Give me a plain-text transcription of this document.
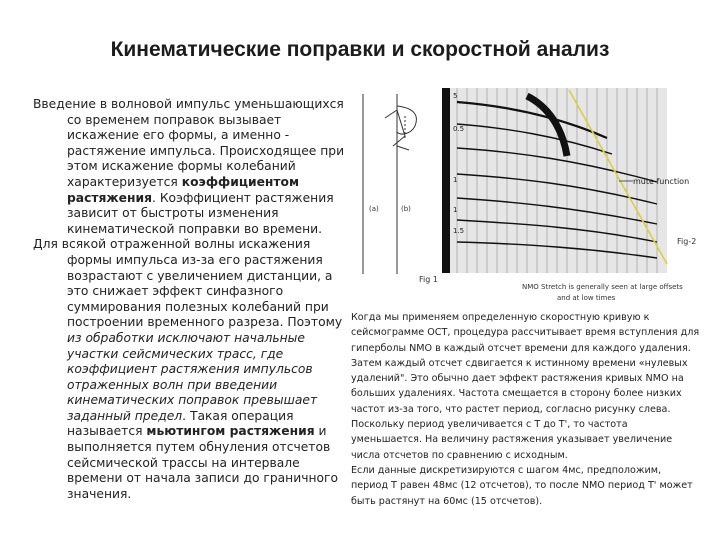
Кинематические поправки и скоростной анализ

Введение в волновой импульс уменьшающихся со временем поправок вызывает искажение его формы, а именно - растяжение импульса. Происходящее при этом искажение формы колебаний характеризуется коэффициентом растяжения. Коэффициент растяжения зависит от быстроты изменения кинематической поправки во времени.

Для всякой отраженной волны искажения формы импульса из-за его растяжения возрастают с увеличением дистанции, а это снижает эффект синфазного суммирования полезных колебаний при построении временного разреза. Поэтому из обработки исключают начальные участки сейсмических трасс, где коэффициент растяжения импульсов отраженных волн при введении кинематических поправок превышает заданный предел. Такая операция называется мьютингом растяжения и выполняется путем обнуления отсчетов сейсмической трассы на интервале времени от начала записи до граничного значения.

(a)	(b)
Fig 1
5
0.5
1
1
1.5
mute function
Fig-2
NMO Stretch is generally seen at large offsets
and at low times

Когда мы применяем определенную скоростную кривую к сейсмограмме ОСТ, процедура рассчитывает время вступления для гиперболы NMO в каждый отсчет времени для каждого удаления. Затем каждый отсчет сдвигается к истинному времени «нулевых удалений". Это обычно дает эффект растяжения кривых NMO на больших удалениях. Частота смещается в сторону более низких частот из-за того, что растет период, согласно рисунку слева. Поскольку период увеличивается с T до T', то частота уменьшается. На величину растяжения указывает увеличение числа отсчетов по сравнению с исходным.

Если данные дискретизируются с шагом 4мс, предположим, период T равен 48мс (12 отсчетов), то после NMO период T' может быть растянут на 60мс (15 отсчетов).
